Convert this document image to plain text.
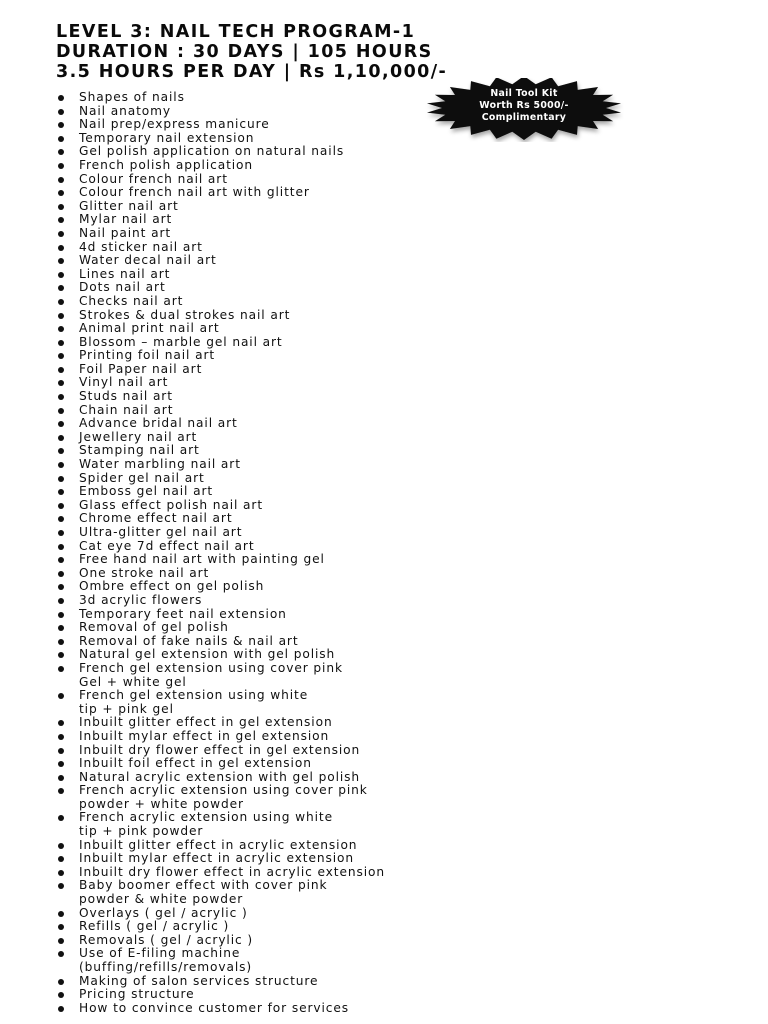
LEVEL 3: NAIL TECH PROGRAM-1
DURATION : 30 DAYS | 105 HOURS
3.5 HOURS PER DAY | Rs 1,10,000/-
Nail Tool Kit
Worth Rs 5000/-
Complimentary
Shapes of nails
Nail anatomy
Nail prep/express manicure
Temporary nail extension
Gel polish application on natural nails
French polish application
Colour french nail art
Colour french nail art with glitter
Glitter nail art
Mylar nail art
Nail paint art
4d sticker nail art
Water decal nail art
Lines nail art
Dots nail art
Checks nail art
Strokes & dual strokes nail art
Animal print nail art
Blossom – marble gel nail art
Printing foil nail art
Foil Paper nail art
Vinyl nail art
Studs nail art
Chain nail art
Advance bridal nail art
Jewellery nail art
Stamping nail art
Water marbling nail art
Spider gel nail art
Emboss gel nail art
Glass effect polish nail art
Chrome effect nail art
Ultra-glitter gel nail art
Cat eye 7d effect nail art
Free hand nail art with painting gel
One stroke nail art
Ombre effect on gel polish
3d acrylic flowers
Temporary feet nail extension
Removal of gel polish
Removal of fake nails & nail art
Natural gel extension with gel polish
French gel extension using cover pink
Gel + white gel
French gel extension using white
tip + pink gel
Inbuilt glitter effect in gel extension
Inbuilt mylar effect in gel extension
Inbuilt dry flower effect in gel extension
Inbuilt foil effect in gel extension
Natural acrylic extension with gel polish
French acrylic extension using cover pink
powder + white powder
French acrylic extension using white
tip + pink powder
Inbuilt glitter effect in acrylic extension
Inbuilt mylar effect in acrylic extension
Inbuilt dry flower effect in acrylic extension
Baby boomer effect with cover pink
powder & white powder
Overlays ( gel / acrylic )
Refills ( gel / acrylic )
Removals ( gel / acrylic )
Use of E-filing machine
(buffing/refills/removals)
Making of salon services structure
Pricing structure
How to convince customer for services
